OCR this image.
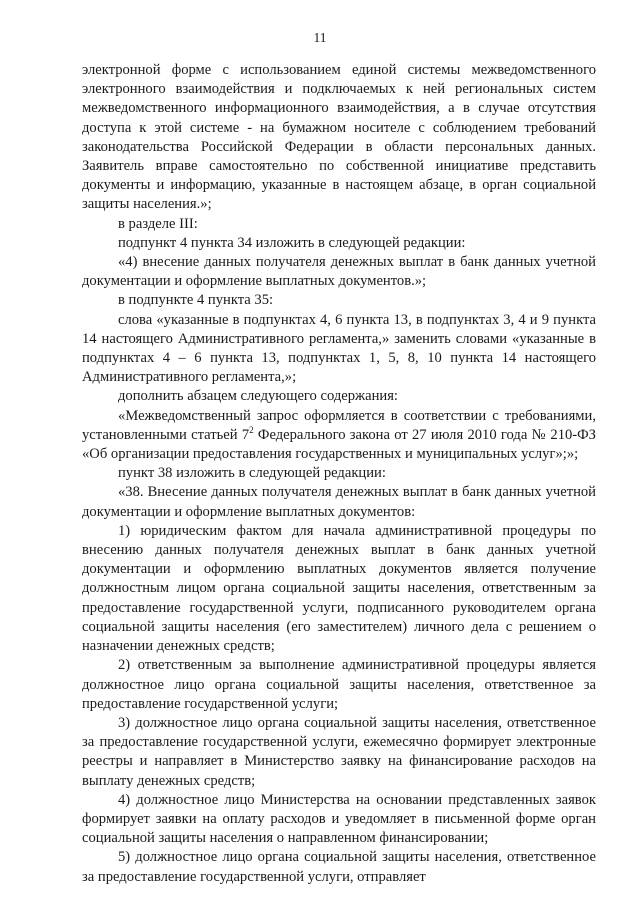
11

электронной форме с использованием единой системы межведомственного электронного взаимодействия и подключаемых к ней региональных систем межведомственного информационного взаимодействия, а в случае отсутствия доступа к этой системе - на бумажном носителе с соблюдением требований законодательства Российской Федерации в области персональных данных. Заявитель вправе самостоятельно по собственной инициативе представить документы и информацию, указанные в настоящем абзаце, в орган социальной защиты населения.»;

в разделе III:

подпункт 4 пункта 34 изложить в следующей редакции:

«4) внесение данных получателя денежных выплат в банк данных учетной документации и оформление выплатных документов.»;

в подпункте 4 пункта 35:

слова «указанные в подпунктах 4, 6 пункта 13, в подпунктах 3, 4 и 9 пункта 14 настоящего Административного регламента,» заменить словами «указанные в подпунктах 4 – 6 пункта 13, подпунктах 1, 5, 8, 10 пункта 14 настоящего Административного регламента,»;

дополнить абзацем следующего содержания:

«Межведомственный запрос оформляется в соответствии с требованиями, установленными статьей $7^2$ Федерального закона от 27 июля 2010 года № 210-ФЗ «Об организации предоставления государственных и муниципальных услуг»;»;

пункт 38 изложить в следующей редакции:

«38. Внесение данных получателя денежных выплат в банк данных учетной документации и оформление выплатных документов:

1) юридическим фактом для начала административной процедуры по внесению данных получателя денежных выплат в банк данных учетной документации и оформлению выплатных документов является получение должностным лицом органа социальной защиты населения, ответственным за предоставление государственной услуги, подписанного руководителем органа социальной защиты населения (его заместителем) личного дела с решением о назначении денежных средств;

2) ответственным за выполнение административной процедуры является должностное лицо органа социальной защиты населения, ответственное за предоставление государственной услуги;

3) должностное лицо органа социальной защиты населения, ответственное за предоставление государственной услуги, ежемесячно формирует электронные реестры и направляет в Министерство заявку на финансирование расходов на выплату денежных средств;

4) должностное лицо Министерства на основании представленных заявок формирует заявки на оплату расходов и уведомляет в письменной форме орган социальной защиты населения о направленном финансировании;

5) должностное лицо органа социальной защиты населения, ответственное за предоставление государственной услуги, отправляет
